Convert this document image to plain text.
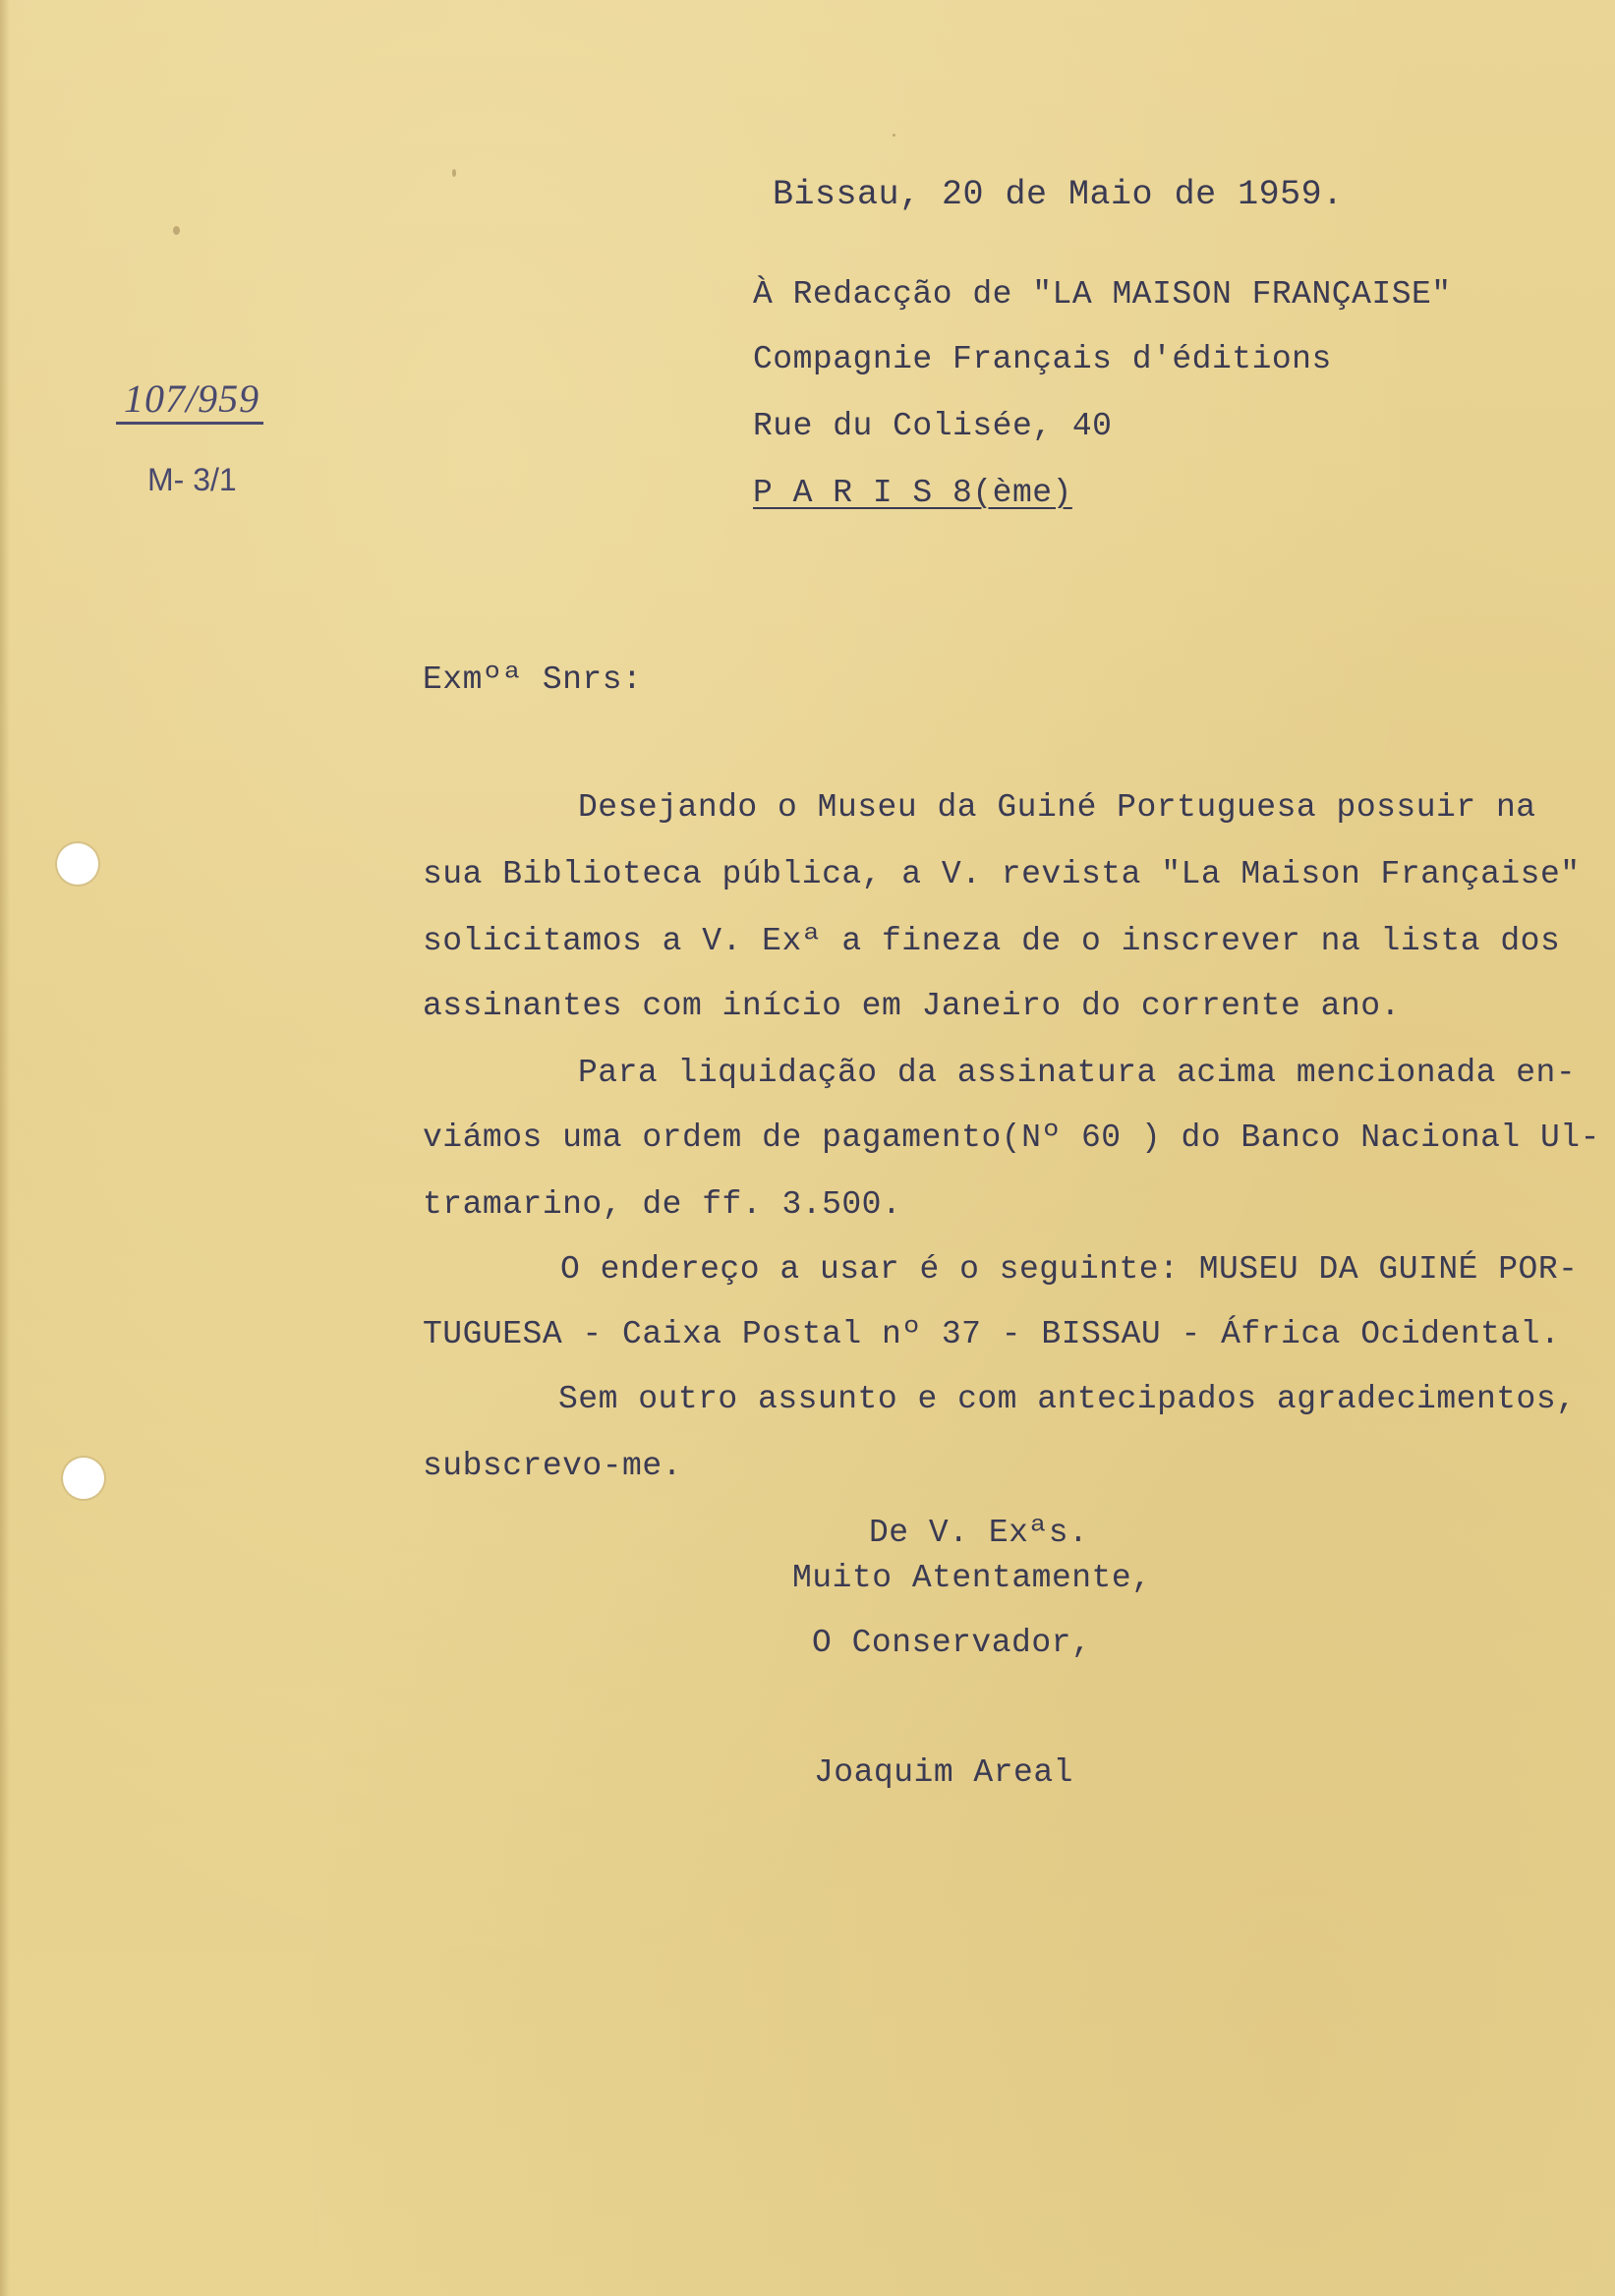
Bissau, 20 de Maio de 1959.
À Redacção de "LA MAISON FRANÇAISE"
Compagnie Français d'éditions
Rue du Colisée, 40
P A R I S 8(ème)
107/959
M- 3/1
Exmºª Snrs:
Desejando o Museu da Guiné Portuguesa possuir na
sua Biblioteca pública, a V. revista "La Maison Française"
solicitamos a V. Exª a fineza de o inscrever na lista dos
assinantes com início em Janeiro do corrente ano.
Para liquidação da assinatura acima mencionada en-
viámos uma ordem de pagamento(Nº 60 ) do Banco Nacional Ul-
tramarino, de ff. 3.500.
O endereço a usar é o seguinte: MUSEU DA GUINÉ POR-
TUGUESA - Caixa Postal nº 37 - BISSAU - África Ocidental.
Sem outro assunto e com antecipados agradecimentos,
subscrevo-me.
De V. Exªs.
Muito Atentamente,
O Conservador,
Joaquim Areal
